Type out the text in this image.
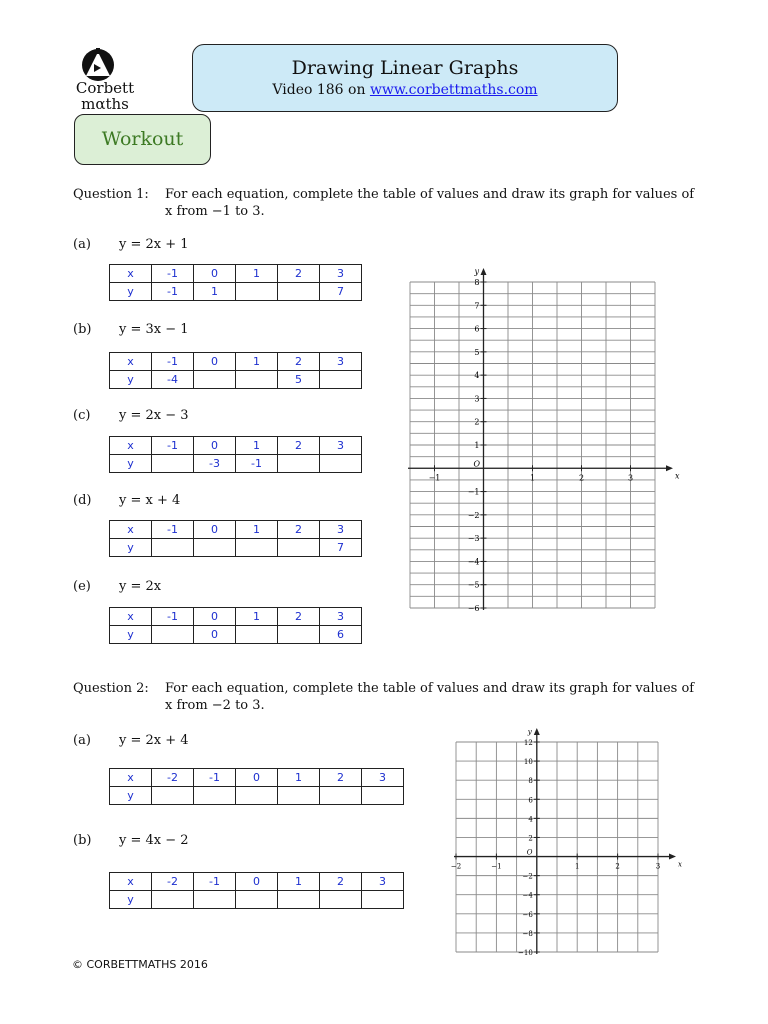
Corbett
mαths
Drawing Linear Graphs
Video 186 on www.corbettmaths.com
Workout
Question 1: For each equation, complete the table of values and draw its graph for values of x from −1 to 3.
(a) y = 2x + 1
x	-1	0	1	2	3
y	-1	1			7
(b) y = 3x − 1
x	-1	0	1	2	3
y	-4			5	
(c) y = 2x − 3
x	-1	0	1	2	3
y		-3	-1		
(d) y = x + 4
x	-1	0	1	2	3
y					7
(e) y = 2x
x	-1	0	1	2	3
y		0			6
x
y
O
−1	1	2	3
8
7
6
5
4
3
2
1
−1
−2
−3
−4
−5
−6
Question 2: For each equation, complete the table of values and draw its graph for values of x from −2 to 3.
(a) y = 2x + 4
x	-2	-1	0	1	2	3
y						
(b) y = 4x − 2
x	-2	-1	0	1	2	3
y						
x
y
O
−2	−1	1	2	3
12
10
8
6
4
2
−2
−4
−6
−8
−10
© CORBETTMATHS 2016
